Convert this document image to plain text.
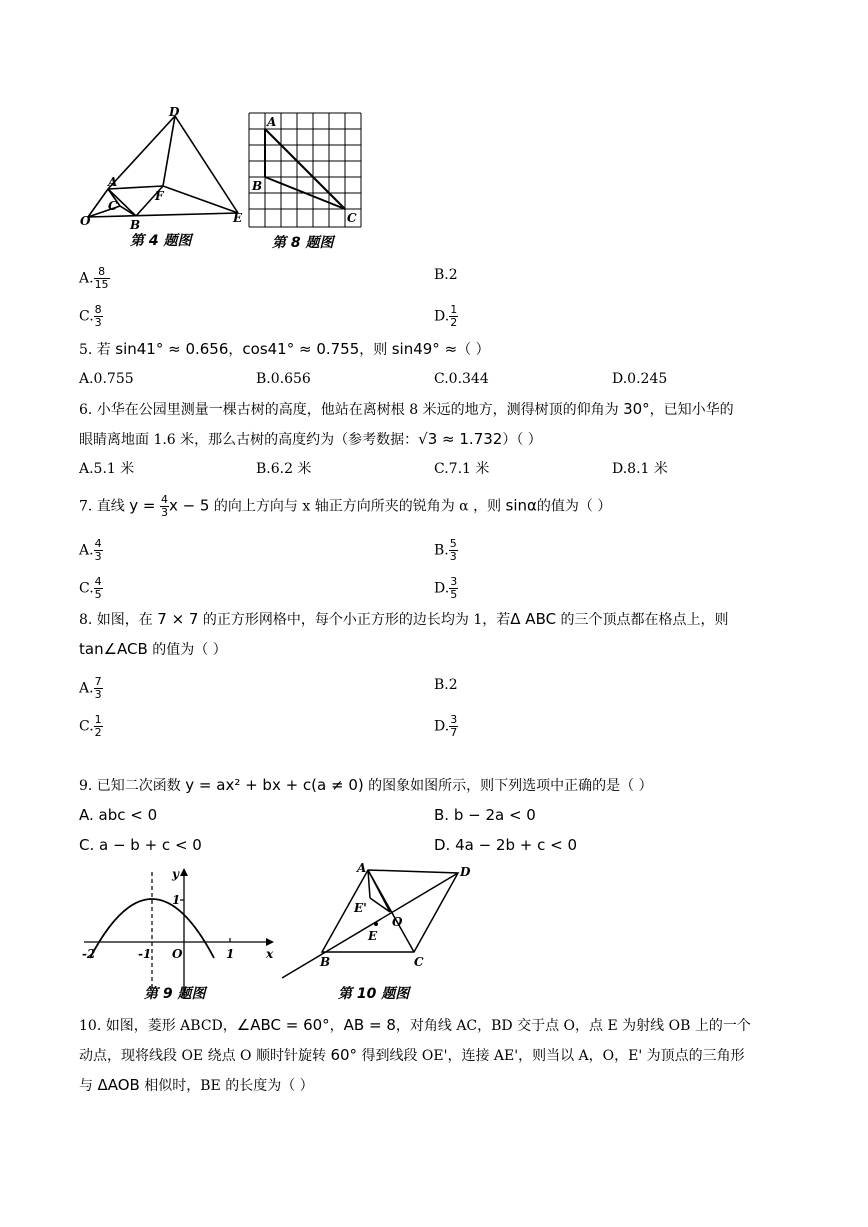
D
A
C
F
O	B	E
第 4 题图
A
B
C
第 8 题图
A. $\frac{8}{15}$	B.2
C. $\frac{8}{3}$	D. $\frac{1}{2}$
5. 若 sin41° ≈ 0.656，cos41° ≈ 0.755，则 sin49° ≈（ ）
A.0.755	B.0.656	C.0.344	D.0.245
6. 小华在公园里测量一棵古树的高度，他站在离树根 8 米远的地方，测得树顶的仰角为 30°，已知小华的
眼睛离地面 1.6 米，那么古树的高度约为（参考数据：√3 ≈ 1.732）（ ）
A.5.1 米	B.6.2 米	C.7.1 米	D.8.1 米
7. 直线 $y = \frac{4}{3}$ x − 5 的向上方向与 x 轴正方向所夹的锐角为 α ，则 sinα的值为（ ）
A. $\frac{4}{3}$	B. $\frac{5}{3}$
C. $\frac{4}{5}$	D. $\frac{3}{5}$
8. 如图，在 7 × 7 的正方形网格中，每个小正方形的边长均为 1，若Δ ABC 的三个顶点都在格点上，则
tan∠ACB 的值为（ ）
A. $\frac{7}{3}$	B.2
C. $\frac{1}{2}$	D. $\frac{3}{7}$
9. 已知二次函数 y = ax² + bx + c(a ≠ 0) 的图象如图所示，则下列选项中正确的是（ ）
A. abc < 0	B. b − 2a < 0
C. a − b + c < 0	D. 4a − 2b + c < 0
y
1
-2	-1 O	1	x
第 9 题图
A	D
E'
O
E
B	C
第 10 题图
10. 如图，菱形 ABCD，∠ABC = 60°，AB = 8，对角线 AC，BD 交于点 O，点 E 为射线 OB 上的一个
动点，现将线段 OE 绕点 O 顺时针旋转 60° 得到线段 OE'，连接 AE'，则当以 A，O，E' 为顶点的三角形
与 ΔAOB 相似时，BE 的长度为（ ）
